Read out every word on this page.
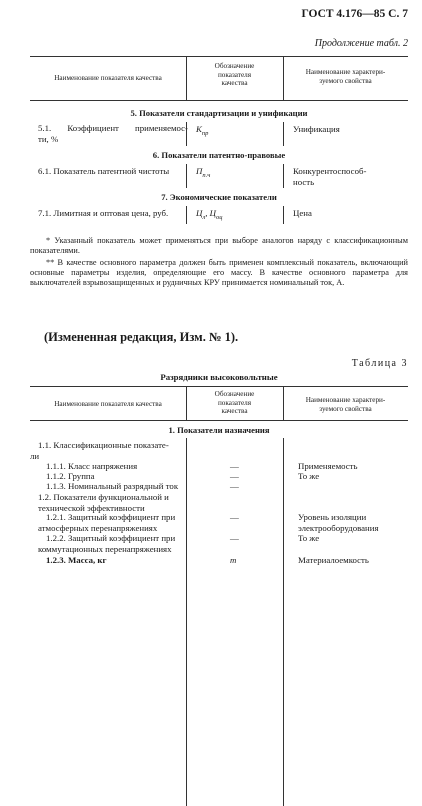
ГОСТ 4.176—85 С. 7
Продолжение табл. 2
Наименование показателя качества
Обозначение
показателя
качества
Наименование характери-
зуемого свойства
5. Показатели стандартизации и унификации
5.1. Коэффициент применяемос-
ти, %
$K_{пр}$	Унификация
6. Показатели патентно-правовые
6.1. Показатель патентной чистоты	$П_{п.ч}$	Конкурентоспособ-
ность
7. Экономические показатели
7.1. Лимитная и оптовая цена, руб.	$Ц_л$, $Ц_{оц}$	Цена
* Указанный показатель может применяться при выборе аналогов наряду с классификационным показателями.
** В качестве основного параметра должен быть применен комплексный показатель, включающий основные параметры изделия, определяющие его массу. В качестве основного параметра для выключателей взрывозащищенных и рудничных КРУ принимается номинальный ток, А.
(Измененная редакция, Изм. № 1).
Таблица 3
Разрядники высоковольтные
Наименование показателя качества
Обозначение
показателя
качества
Наименование характери-
зуемого свойства
1. Показатели назначения
1.1. Классификационные показате-
ли
1.1.1. Класс напряжения	—	Применяемость
1.1.2. Группа	—	То же
1.1.3. Номинальный разрядный ток	—
1.2. Показатели функциональной и
технической эффективности
1.2.1. Защитный коэффициент при
атмосферных перенапряжениях
—	Уровень изоляции электрооборудования
1.2.2. Защитный коэффициент при
коммутационных перенапряжениях
—	То же
1.2.3. Масса, кг	m	Материалоемкость
